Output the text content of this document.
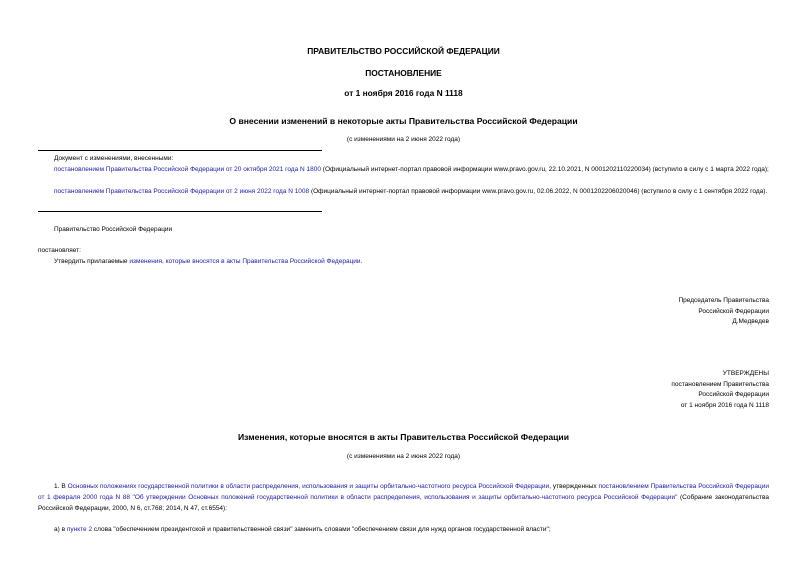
ПРАВИТЕЛЬСТВО РОССИЙСКОЙ ФЕДЕРАЦИИ
ПОСТАНОВЛЕНИЕ
от 1 ноября 2016 года N 1118
О внесении изменений в некоторые акты Правительства Российской Федерации
(с изменениями на 2 июня 2022 года)
Документ с изменениями, внесенными:
постановлением Правительства Российской Федерации от 20 октября 2021 года N 1800 (Официальный интернет-портал правовой информации www.pravo.gov.ru, 22.10.2021, N 0001202110220034) (вступило в силу с 1 марта 2022 года);
постановлением Правительства Российской Федерации от 2 июня 2022 года N 1008 (Официальный интернет-портал правовой информации www.pravo.gov.ru, 02.06.2022, N 0001202206020046) (вступило в силу с 1 сентября 2022 года).
Правительство Российской Федерации
постановляет:
Утвердить прилагаемые изменения, которые вносятся в акты Правительства Российской Федерации.
Председатель Правительства
Российской Федерации
Д.Медведев
УТВЕРЖДЕНЫ
постановлением Правительства
Российской Федерации
от 1 ноября 2016 года N 1118
Изменения, которые вносятся в акты Правительства Российской Федерации
(с изменениями на 2 июня 2022 года)
1. В Основных положениях государственной политики в области распределения, использования и защиты орбитально-частотного ресурса Российской Федерации, утвержденных постановлением Правительства Российской Федерации от 1 февраля 2000 года N 88 "Об утверждении Основных положений государственной политики в области распределения, использования и защиты орбитально-частотного ресурса Российской Федерации" (Собрание законодательства Российской Федерации, 2000, N 6, ст.768; 2014, N 47, ст.6554):
а) в пункте 2 слова "обеспечением президентской и правительственной связи" заменить словами "обеспечением связи для нужд органов государственной власти";
